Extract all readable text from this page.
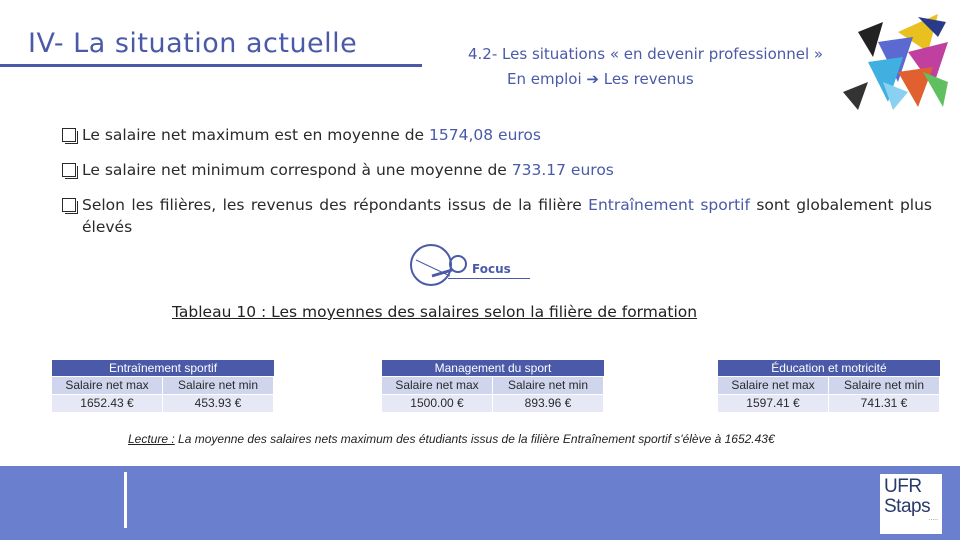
IV- La situation actuelle	4.2- Les situations « en devenir professionnel »
En emploi ➔ Les revenus
Le salaire net maximum est en moyenne de 1574,08 euros
Le salaire net minimum correspond à une moyenne de 733.17 euros
Selon les filières, les revenus des répondants issus de la filière Entraînement sportif sont globalement plus élevés
Focus
Tableau 10 : Les moyennes des salaires selon la filière de formation
Entraînement sportif
Salaire net max	Salaire net min
1652.43 €	453.93 €
Management du sport
Salaire net max	Salaire net min
1500.00 €	893.96 €
Éducation et motricité
Salaire net max	Salaire net min
1597.41 €	741.31 €
Lecture : La moyenne des salaires nets maximum des étudiants issus de la filière Entraînement sportif s'élève à 1652.43€
UFR
Staps
·····
